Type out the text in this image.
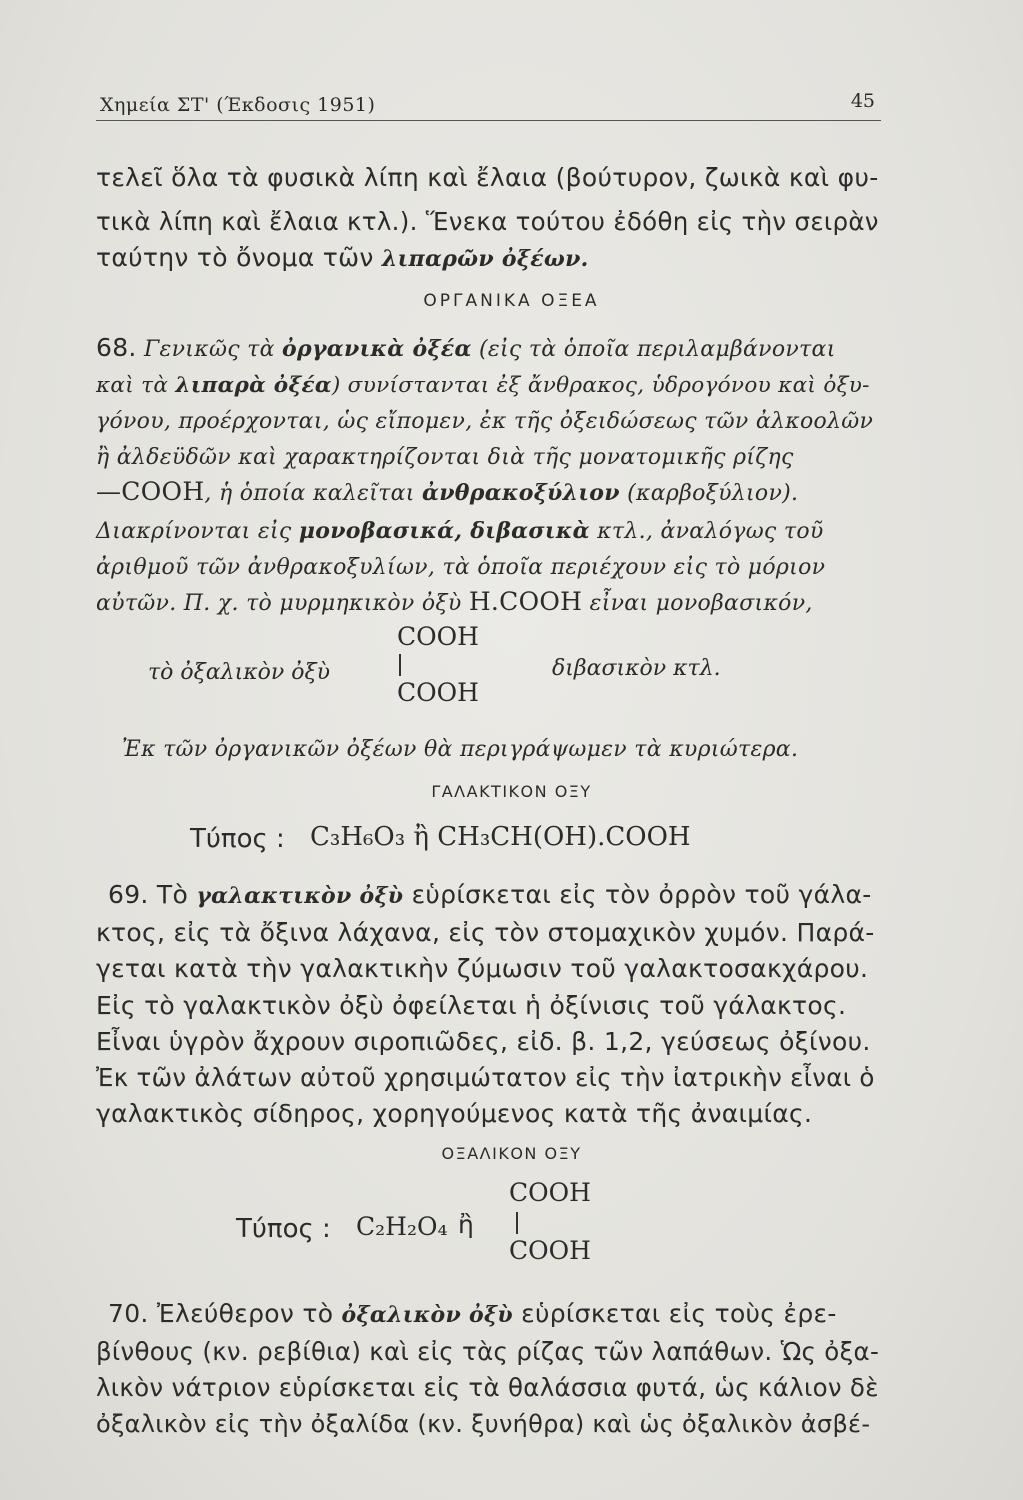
Χημεία ΣΤ' (Έκδοσις 1951)	45
τελεῖ ὅλα τὰ φυσικὰ λίπη καὶ ἔλαια (βούτυρον, ζωικὰ καὶ φυ-
τικὰ λίπη καὶ ἔλαια κτλ.). Ἕνεκα τούτου ἐδόθη εἰς τὴν σειρὰν
ταύτην τὸ ὄνομα τῶν λιπαρῶν ὀξέων.
ΟΡΓΑΝΙΚΑ ΟΞΕΑ
68. Γενικῶς τὰ ὀργανικὰ ὀξέα (εἰς τὰ ὁποῖα περιλαμβάνονται
καὶ τὰ λιπαρὰ ὀξέα) συνίστανται ἐξ ἄνθρακος, ὑδρογόνου καὶ ὀξυ-
γόνου, προέρχονται, ὡς εἴπομεν, ἐκ τῆς ὀξειδώσεως τῶν ἀλκοολῶν
ἢ ἀλδεϋδῶν καὶ χαρακτηρίζονται διὰ τῆς μονατομικῆς ρίζης
—COOH, ἡ ὁποία καλεῖται ἀνθρακοξύλιον (καρβοξύλιον).
Διακρίνονται εἰς μονοβασικά, διβασικὰ κτλ., ἀναλόγως τοῦ
ἀριθμοῦ τῶν ἀνθρακοξυλίων, τὰ ὁποῖα περιέχουν εἰς τὸ μόριον
αὐτῶν. Π. χ. τὸ μυρμηκικὸν ὀξὺ H.COOH εἶναι μονοβασικόν,
τὸ ὀξαλικὸν ὀξὺ
COOH
COOH
διβασικὸν κτλ.
Ἐκ τῶν ὀργανικῶν ὀξέων θὰ περιγράψωμεν τὰ κυριώτερα.
ΓΑΛΑΚΤΙΚΟΝ ΟΞΥ
Τύπος : C₃H₆O₃ ἢ CH₃CH(OH).COOH
69. Τὸ γαλακτικὸν ὀξὺ εὑρίσκεται εἰς τὸν ὀρρὸν τοῦ γάλα-
κτος, εἰς τὰ ὄξινα λάχανα, εἰς τὸν στομαχικὸν χυμόν. Παρά-
γεται κατὰ τὴν γαλακτικὴν ζύμωσιν τοῦ γαλακτοσακχάρου.
Εἰς τὸ γαλακτικὸν ὀξὺ ὀφείλεται ἡ ὀξίνισις τοῦ γάλακτος.
Εἶναι ὑγρὸν ἄχρουν σιροπιῶδες, εἰδ. β. 1,2, γεύσεως ὀξίνου.
Ἐκ τῶν ἀλάτων αὐτοῦ χρησιμώτατον εἰς τὴν ἰατρικὴν εἶναι ὁ
γαλακτικὸς σίδηρος, χορηγούμενος κατὰ τῆς ἀναιμίας.
ΟΞΑΛΙΚΟΝ ΟΞΥ
COOH
Τύπος : C₂H₂O₄ ἢ
COOH
70. Ἐλεύθερον τὸ ὀξαλικὸν ὀξὺ εὑρίσκεται εἰς τοὺς ἐρε-
βίνθους (κν. ρεβίθια) καὶ εἰς τὰς ρίζας τῶν λαπάθων. Ὡς ὀξα-
λικὸν νάτριον εὑρίσκεται εἰς τὰ θαλάσσια φυτά, ὡς κάλιον δὲ
ὀξαλικὸν εἰς τὴν ὀξαλίδα (κν. ξυνήθρα) καὶ ὡς ὀξαλικὸν ἀσβέ-
